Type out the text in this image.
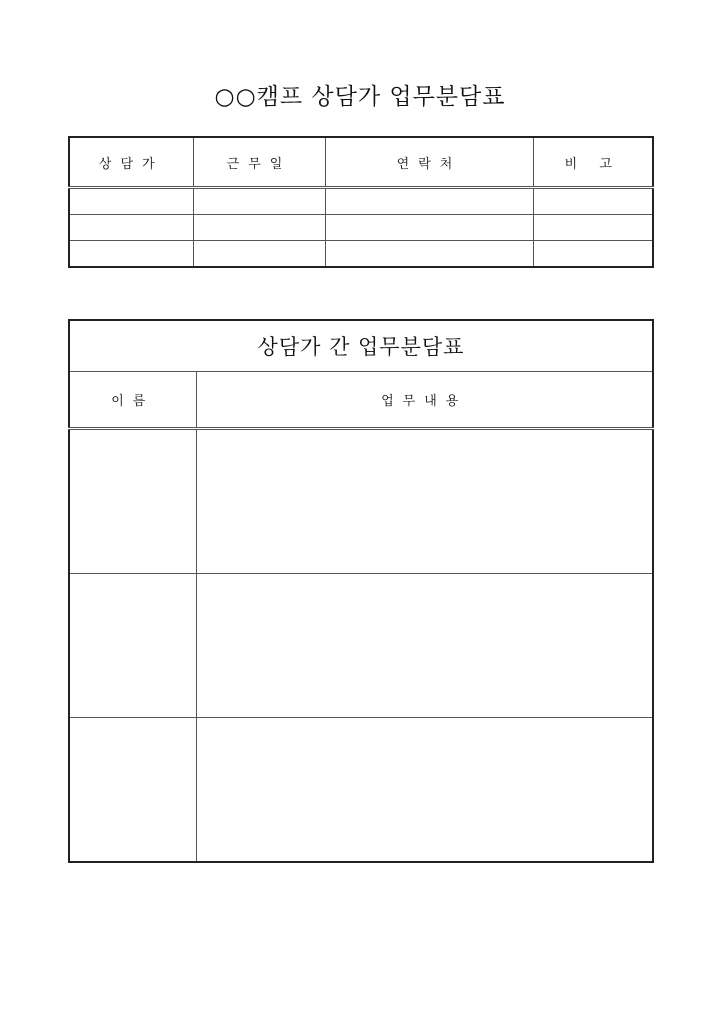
○○캠프 상담가 업무분담표
상담가	근무일	연락처	비 고

상담가 간 업무분담표	
이름	업무내용
